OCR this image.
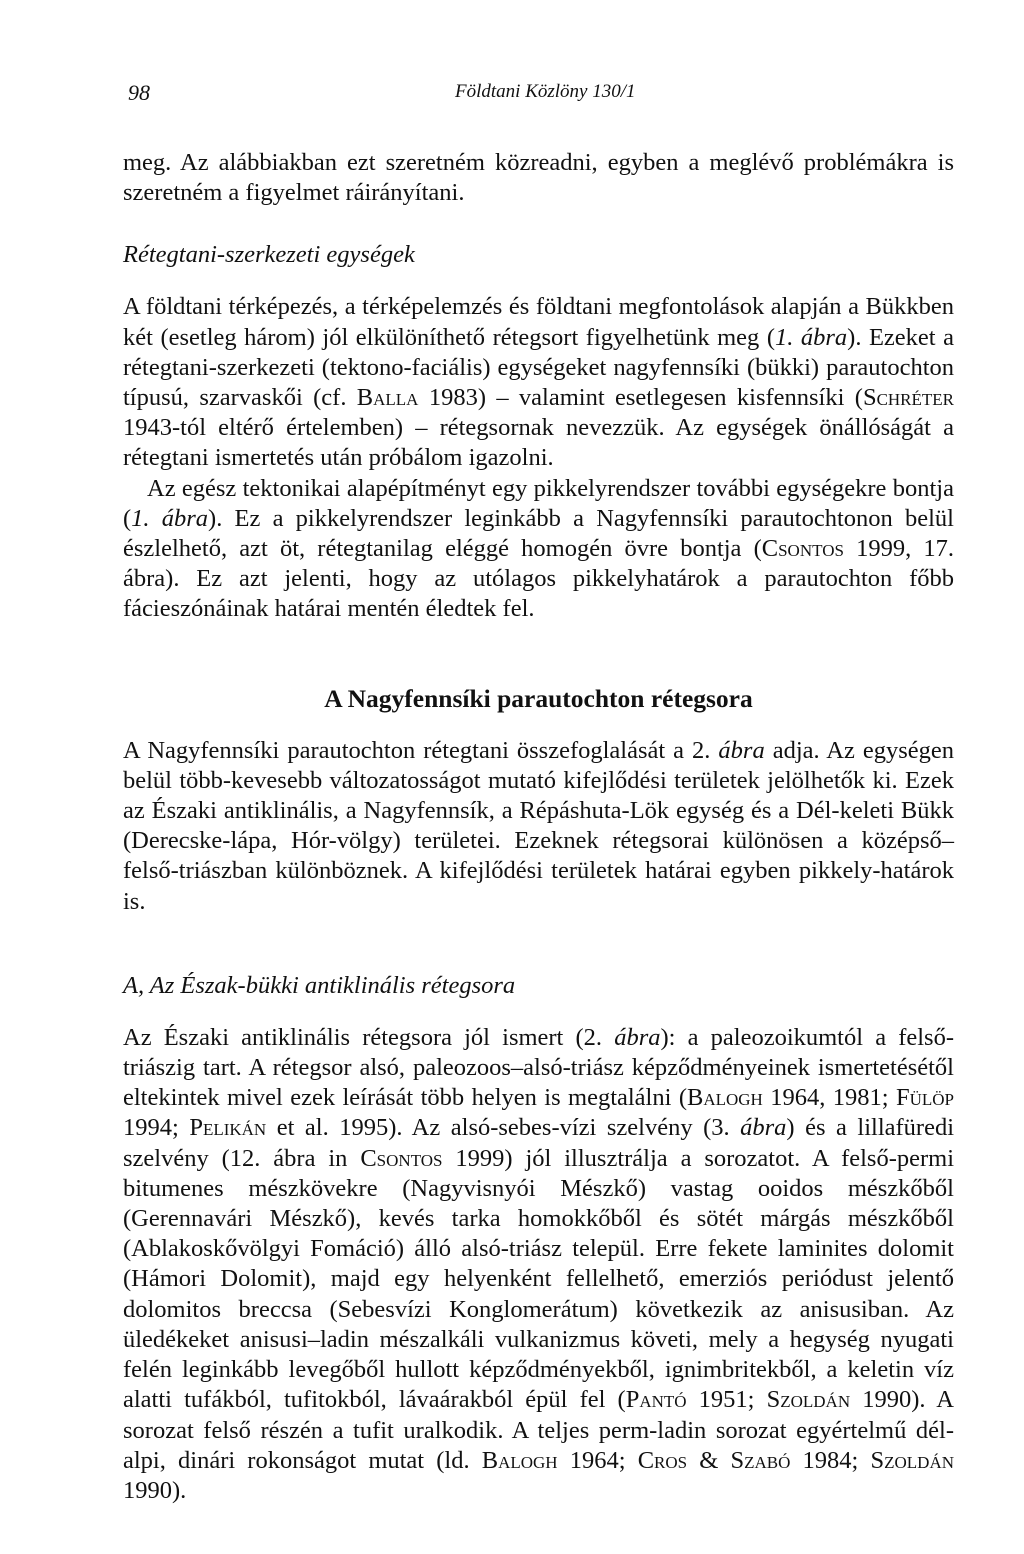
98	Földtani Közlöny 130/1

meg. Az alábbiakban ezt szeretném közreadni, egyben a meglévő problémákra is szeretném a figyelmet ráirányítani.

Rétegtani-szerkezeti egységek

A földtani térképezés, a térképelemzés és földtani megfontolások alapján a Bükkben két (esetleg három) jól elkülöníthető rétegsort figyelhetünk meg (1. ábra). Ezeket a rétegtani-szerkezeti (tektono-faciális) egységeket nagyfennsíki (bükki) parautochton típusú, szarvaskői (cf. Balla 1983) – valamint esetlegesen kisfennsíki (Schréter 1943-tól eltérő értelemben) – rétegsornak nevezzük. Az egységek önállóságát a rétegtani ismertetés után próbálom igazolni.

Az egész tektonikai alapépítményt egy pikkelyrendszer további egységekre bontja (1. ábra). Ez a pikkelyrendszer leginkább a Nagyfennsíki parautochtonon belül észlelhető, azt öt, rétegtanilag eléggé homogén övre bontja (Csontos 1999, 17. ábra). Ez azt jelenti, hogy az utólagos pikkelyhatárok a parautochton főbb fácieszónáinak határai mentén éledtek fel.

A Nagyfennsíki parautochton rétegsora

A Nagyfennsíki parautochton rétegtani összefoglalását a 2. ábra adja. Az egységen belül több-kevesebb változatosságot mutató kifejlődési területek jelölhetők ki. Ezek az Északi antiklinális, a Nagyfennsík, a Répáshuta-Lök egység és a Dél-keleti Bükk (Derecske-lápa, Hór-völgy) területei. Ezeknek rétegsorai különösen a középső–felső-triászban különböznek. A kifejlődési területek határai egyben pikkely-határok is.

A, Az Észak-bükki antiklinális rétegsora

Az Északi antiklinális rétegsora jól ismert (2. ábra): a paleozoikumtól a felső-triászig tart. A rétegsor alsó, paleozoos–alsó-triász képződményeinek ismertetésétől eltekintek mivel ezek leírását több helyen is megtalálni (Balogh 1964, 1981; Fülöp 1994; Pelikán et al. 1995). Az alsó-sebes-vízi szelvény (3. ábra) és a lillafüredi szelvény (12. ábra in Csontos 1999) jól illusztrálja a sorozatot. A felső-permi bitumenes mészkövekre (Nagyvisnyói Mészkő) vastag ooidos mészkőből (Gerennavári Mészkő), kevés tarka homokkőből és sötét márgás mészkőből (Ablakoskővölgyi Fomáció) álló alsó-triász települ. Erre fekete laminites dolomit (Hámori Dolomit), majd egy helyenként fellelhető, emerziós periódust jelentő dolomitos breccsa (Sebesvízi Konglomerátum) következik az anisusiban. Az üledékeket anisusi–ladin mészalkáli vulkanizmus követi, mely a hegység nyugati felén leginkább levegőből hullott képződményekből, ignimbritekből, a keletin víz alatti tufákból, tufitokból, lávaárakból épül fel (Pantó 1951; Szoldán 1990). A sorozat felső részén a tufit uralkodik. A teljes perm-ladin sorozat egyértelmű dél-alpi, dinári rokonságot mutat (ld. Balogh 1964; Cros & Szabó 1984; Szoldán 1990).
